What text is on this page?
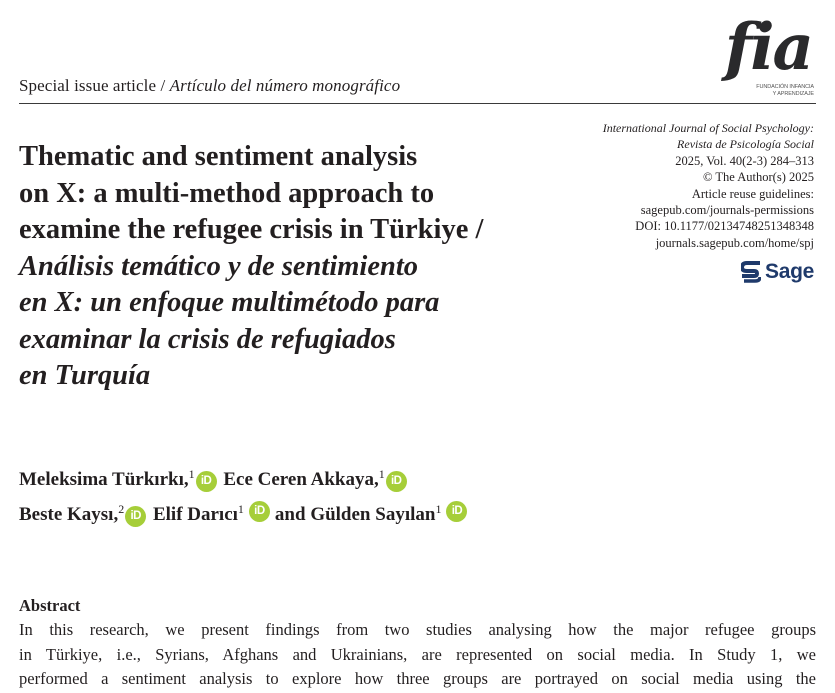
Special issue article / Artículo del número monográfico
fia
FUNDACIÓN INFANCIA
Y APRENDIZAJE
International Journal of Social Psychology:
Revista de Psicología Social
2025, Vol. 40(2-3) 284–313
© The Author(s) 2025
Article reuse guidelines:
sagepub.com/journals-permissions
DOI: 10.1177/02134748251348348
journals.sagepub.com/home/spj
Sage
Thematic and sentiment analysis
on X: a multi-method approach to
examine the refugee crisis in Türkiye /
Análisis temático y de sentimiento
en X: un enfoque multimétodo para
examinar la crisis de refugiados
en Turquía
Meleksima Türkırkı,$^1$ iD Ece Ceren Akkaya,$^1$ iD
Beste Kaysı,$^2$ iD Elif Darıcı$^1$ iD and Gülden Sayılan$^1$ iD
Abstract
In this research, we present findings from two studies analysing how the major refugee groups
in Türkiye, i.e., Syrians, Afghans and Ukrainians, are represented on social media. In Study 1, we
performed a sentiment analysis to explore how three groups are portrayed on social media using the
